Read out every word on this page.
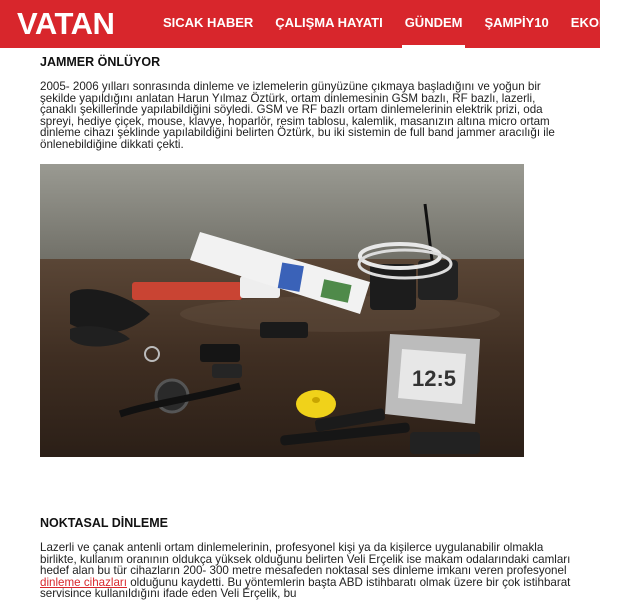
VATAN	SICAK HABER	ÇALIŞMA HAYATI	GÜNDEM	ŞAMPİY10	EKONOMİ
JAMMER ÖNLÜYOR

2005- 2006 yılları sonrasında dinleme ve izlemelerin günyüzüne çıkmaya başladığını ve yoğun bir şekilde yapıldığını anlatan Harun Yılmaz Öztürk, ortam dinlemesinin GSM bazlı, RF bazlı, lazerli, çanaklı şekillerinde yapılabildiğini söyledi. GSM ve RF bazlı ortam dinlemelerinin elektrik prizi, oda spreyi, hediye çiçek, mouse, klavye, hoparlör, resim tablosu, kalemlik, masanızın altına micro ortam dinleme cihazı şeklinde yapılabildiğini belirten Öztürk, bu iki sistemin de full band jammer aracılığı ile önlenebildiğine dikkati çekti.

12:5
NOKTASAL DİNLEME

Lazerli ve çanak antenli ortam dinlemelerinin, profesyonel kişi ya da kişilerce uygulanabilir olmakla birlikte, kullanım oranının oldukça yüksek olduğunu belirten Veli Erçelik ise makam odalarındaki camları hedef alan bu tür cihazların 200- 300 metre mesafeden noktasal ses dinleme imkanı veren profesyonel dinleme cihazları olduğunu kaydetti. Bu yöntemlerin başta ABD istihbaratı olmak üzere bir çok istihbarat servisince kullanıldığını ifade eden Veli Erçelik, bu
